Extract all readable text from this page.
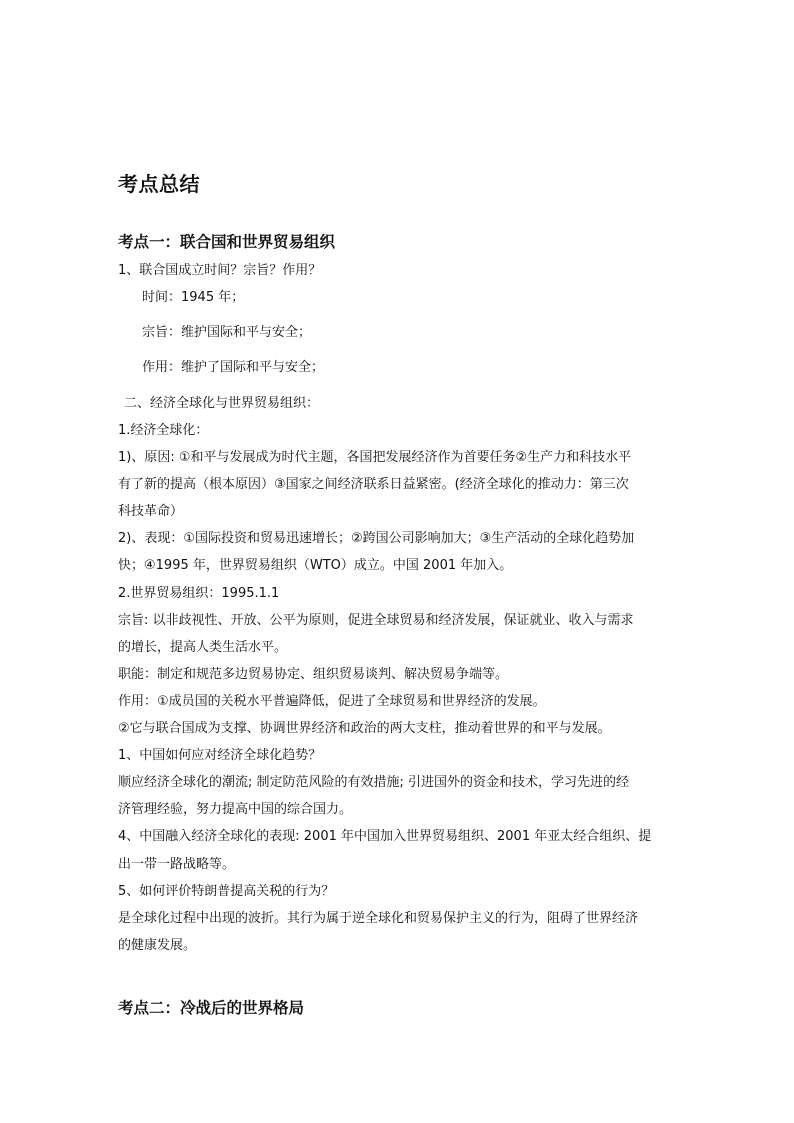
考点总结
考点一：联合国和世界贸易组织
1、联合国成立时间？宗旨？作用？
时间：1945 年；
宗旨：维护国际和平与安全；
作用：维护了国际和平与安全；
二、经济全球化与世界贸易组织：
1.经济全球化：
1)、原因: ①和平与发展成为时代主题，各国把发展经济作为首要任务②生产力和科技水平
有了新的提高（根本原因）③国家之间经济联系日益紧密。(经济全球化的推动力：第三次
科技革命）
2)、表现：①国际投资和贸易迅速增长；②跨国公司影响加大；③生产活动的全球化趋势加
快；④1995 年，世界贸易组织（WTO）成立。中国 2001 年加入。
2.世界贸易组织：1995.1.1
宗旨: 以非歧视性、开放、公平为原则，促进全球贸易和经济发展，保证就业、收入与需求
的增长，提高人类生活水平。
职能：制定和规范多边贸易协定、组织贸易谈判、解决贸易争端等。
作用：①成员国的关税水平普遍降低，促进了全球贸易和世界经济的发展。
②它与联合国成为支撑、协调世界经济和政治的两大支柱，推动着世界的和平与发展。
1、中国如何应对经济全球化趋势？
顺应经济全球化的潮流; 制定防范风险的有效措施; 引进国外的资金和技术，学习先进的经
济管理经验，努力提高中国的综合国力。
4、中国融入经济全球化的表现: 2001 年中国加入世界贸易组织、2001 年亚太经合组织、提
出一带一路战略等。
5、如何评价特朗普提高关税的行为？
是全球化过程中出现的波折。其行为属于逆全球化和贸易保护主义的行为，阻碍了世界经济
的健康发展。
考点二：冷战后的世界格局
